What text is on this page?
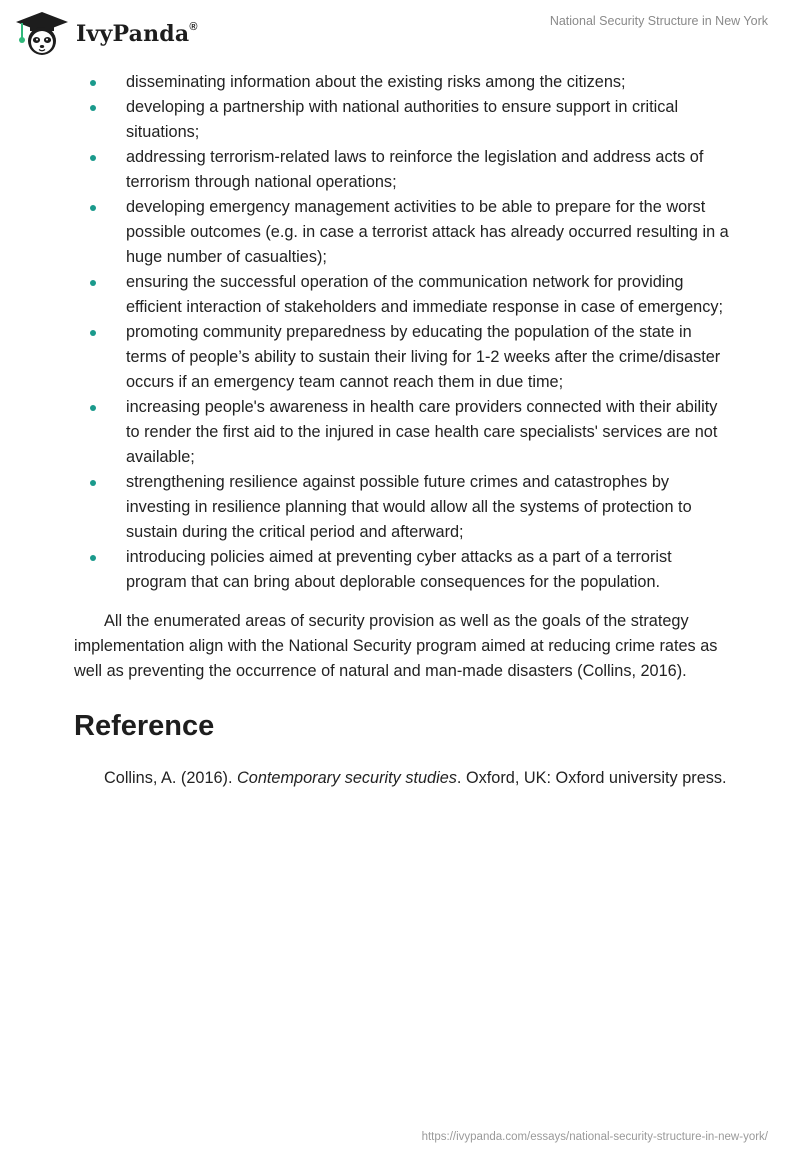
IvyPanda®	National Security Structure in New York
disseminating information about the existing risks among the citizens;
developing a partnership with national authorities to ensure support in critical situations;
addressing terrorism-related laws to reinforce the legislation and address acts of terrorism through national operations;
developing emergency management activities to be able to prepare for the worst possible outcomes (e.g. in case a terrorist attack has already occurred resulting in a huge number of casualties);
ensuring the successful operation of the communication network for providing efficient interaction of stakeholders and immediate response in case of emergency;
promoting community preparedness by educating the population of the state in terms of people’s ability to sustain their living for 1-2 weeks after the crime/disaster occurs if an emergency team cannot reach them in due time;
increasing people's awareness in health care providers connected with their ability to render the first aid to the injured in case health care specialists' services are not available;
strengthening resilience against possible future crimes and catastrophes by investing in resilience planning that would allow all the systems of protection to sustain during the critical period and afterward;
introducing policies aimed at preventing cyber attacks as a part of a terrorist program that can bring about deplorable consequences for the population.

All the enumerated areas of security provision as well as the goals of the strategy implementation align with the National Security program aimed at reducing crime rates as well as preventing the occurrence of natural and man-made disasters (Collins, 2016).

Reference

Collins, A. (2016). Contemporary security studies. Oxford, UK: Oxford university press.

https://ivypanda.com/essays/national-security-structure-in-new-york/
